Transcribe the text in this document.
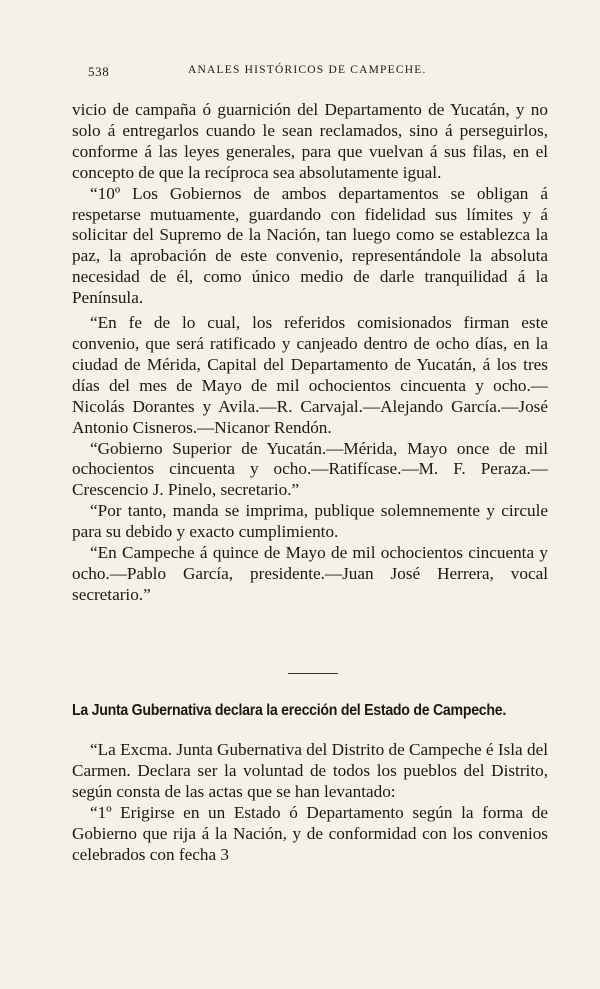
538	ANALES HISTÓRICOS DE CAMPECHE.

vicio de campaña ó guarnición del Departamento de Yucatán, y no solo á entregarlos cuando le sean reclamados, sino á perseguirlos, conforme á las leyes generales, para que vuelvan á sus filas, en el concepto de que la recíproca sea absolutamente igual.

“10º Los Gobiernos de ambos departamentos se obligan á respetarse mutuamente, guardando con fidelidad sus límites y á solicitar del Supremo de la Nación, tan luego como se establezca la paz, la aprobación de este convenio, representándole la absoluta necesidad de él, como único medio de darle tranquilidad á la Península.

“En fe de lo cual, los referidos comisionados firman este convenio, que será ratificado y canjeado dentro de ocho días, en la ciudad de Mérida, Capital del Departamento de Yucatán, á los tres días del mes de Mayo de mil ochocientos cincuenta y ocho.—Nicolás Dorantes y Avila.—R. Carvajal.—Alejando García.—José Antonio Cisneros.—Nicanor Rendón.

“Gobierno Superior de Yucatán.—Mérida, Mayo once de mil ochocientos cincuenta y ocho.—Ratifícase.—M. F. Peraza.—Crescencio J. Pinelo, secretario.”

“Por tanto, manda se imprima, publique solemnemente y circule para su debido y exacto cumplimiento.

“En Campeche á quince de Mayo de mil ochocientos cincuenta y ocho.—Pablo García, presidente.—Juan José Herrera, vocal secretario.”

La Junta Gubernativa declara la erección del Estado de Campeche.

“La Excma. Junta Gubernativa del Distrito de Campeche é Isla del Carmen. Declara ser la voluntad de todos los pueblos del Distrito, según consta de las actas que se han levantado:

“1º Erigirse en un Estado ó Departamento según la forma de Gobierno que rija á la Nación, y de conformidad con los convenios celebrados con fecha 3
